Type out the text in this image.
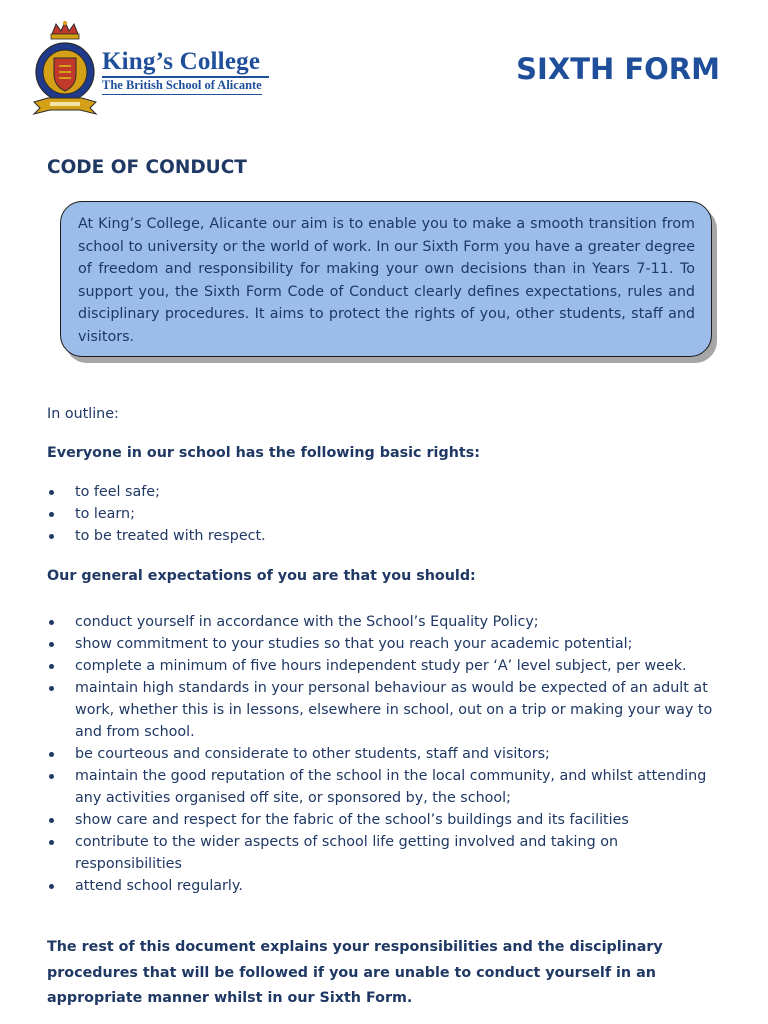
King’s College
The British School of Alicante	SIXTH FORM
CODE OF CONDUCT

At King’s College, Alicante our aim is to enable you to make a smooth transition from school to university or the world of work. In our Sixth Form you have a greater degree of freedom and responsibility for making your own decisions than in Years 7-11. To support you, the Sixth Form Code of Conduct clearly defines expectations, rules and disciplinary procedures. It aims to protect the rights of you, other students, staff and visitors.

In outline:

Everyone in our school has the following basic rights:

to feel safe;
to learn;
to be treated with respect.

Our general expectations of you are that you should:

conduct yourself in accordance with the School’s Equality Policy;
show commitment to your studies so that you reach your academic potential;
complete a minimum of five hours independent study per ‘A’ level subject, per week.
maintain high standards in your personal behaviour as would be expected of an adult at work, whether this is in lessons, elsewhere in school, out on a trip or making your way to and from school.
be courteous and considerate to other students, staff and visitors;
maintain the good reputation of the school in the local community, and whilst attending any activities organised off site, or sponsored by, the school;
show care and respect for the fabric of the school’s buildings and its facilities
contribute to the wider aspects of school life getting involved and taking on responsibilities
attend school regularly.

The rest of this document explains your responsibilities and the disciplinary procedures that will be followed if you are unable to conduct yourself in an appropriate manner whilst in our Sixth Form.
